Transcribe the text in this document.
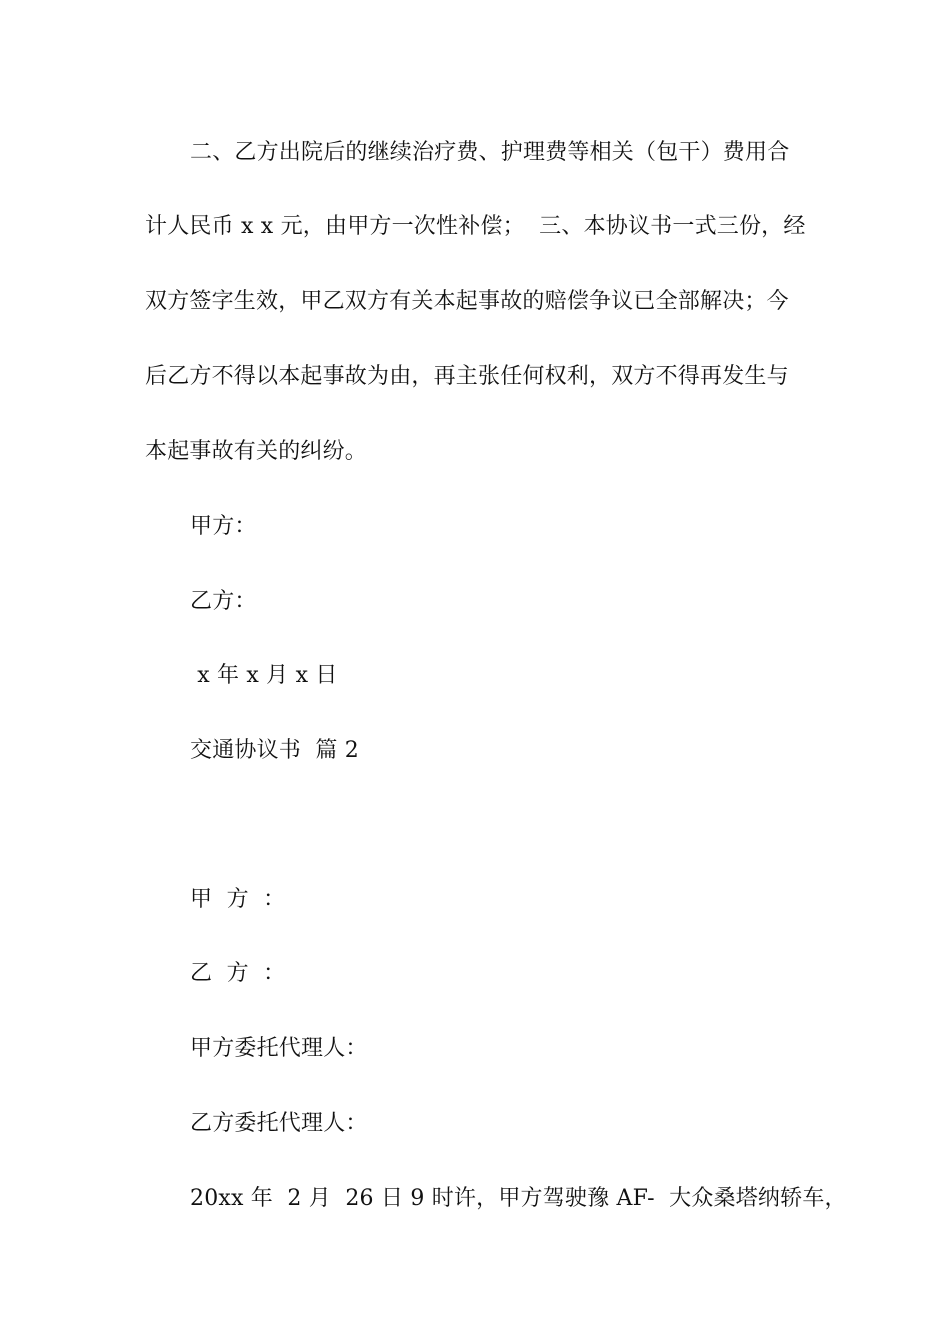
二、乙方出院后的继续治疗费、护理费等相关（包干）费用合
计人民币 x x 元，由甲方一次性补偿；  三、本协议书一式三份，经
双方签字生效，甲乙双方有关本起事故的赔偿争议已全部解决；今
后乙方不得以本起事故为由，再主张任何权利，双方不得再发生与
本起事故有关的纠纷。
甲方：
乙方：
x 年 x 月 x 日
交通协议书  篇 2
甲  方  ：
乙  方  ：
甲方委托代理人：
乙方委托代理人：
20xx 年  2 月  26 日 9 时许，甲方驾驶豫 AF-  大众桑塔纳轿车，
